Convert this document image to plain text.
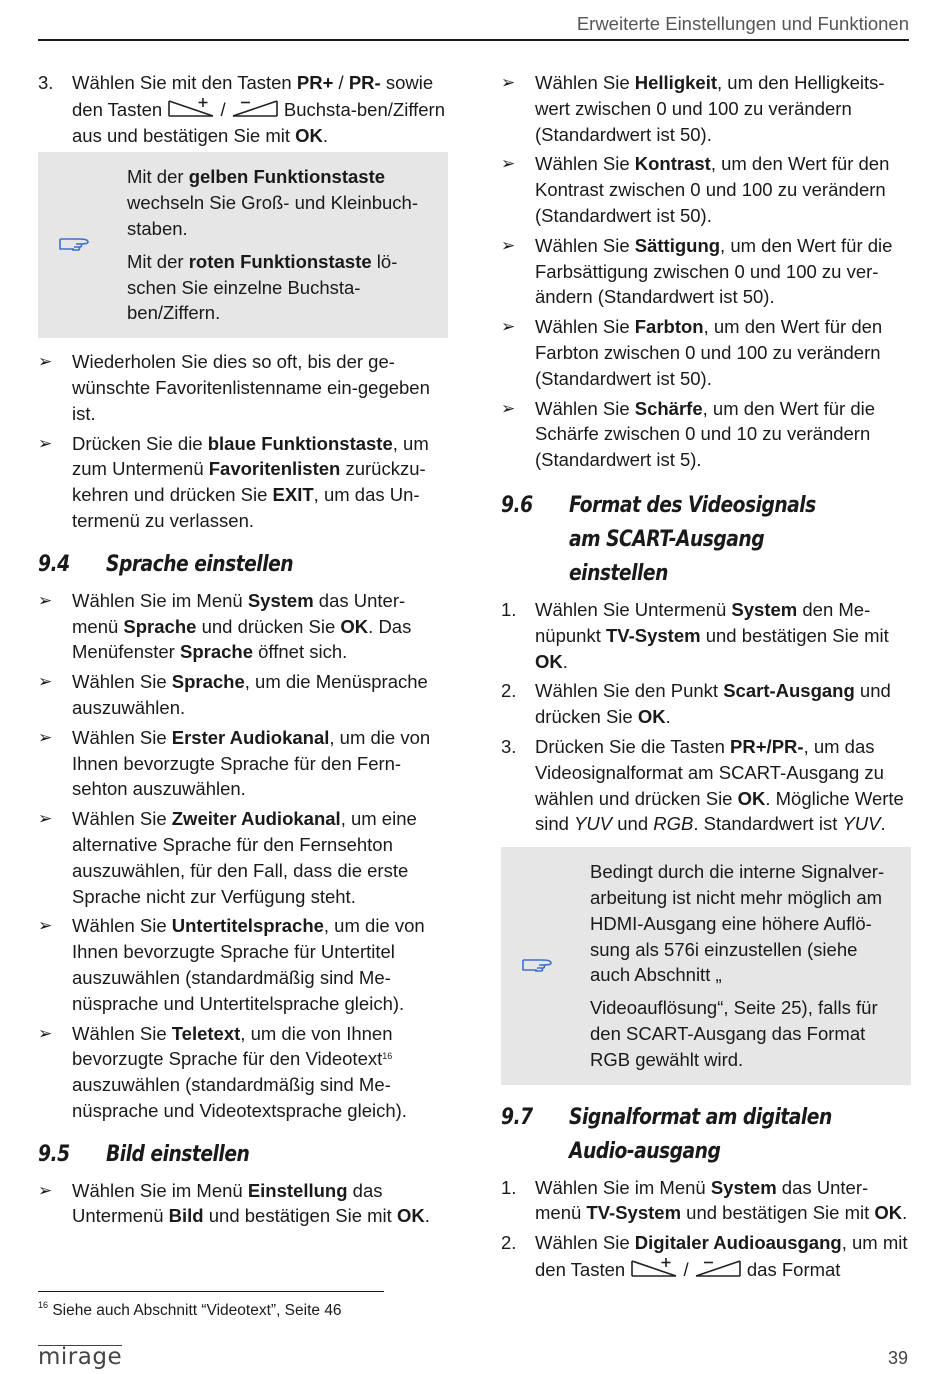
Erweiterte Einstellungen und Funktionen
3.	Wählen Sie mit den Tasten PR+ / PR- sowie den Tasten	/	Buchsta-ben/Ziffern aus und bestätigen Sie mit OK.

Mit der gelben Funktionstaste wechseln Sie Groß- und Kleinbuch-staben.

Mit der roten Funktionstaste lö-schen Sie einzelne Buchsta-ben/Ziffern.

➢ Wiederholen Sie dies so oft, bis der ge-wünschte Favoritenlistenname ein-gegeben ist.

➢ Drücken Sie die blaue Funktionstaste, um zum Untermenü Favoritenlisten zurückzu-kehren und drücken Sie EXIT, um das Un-termenü zu verlassen.

9.4 Sprache einstellen
➢ Wählen Sie im Menü System das Unter-menü Sprache und drücken Sie OK. Das Menüfenster Sprache öffnet sich.

➢ Wählen Sie Sprache, um die Menüsprache auszuwählen.

➢ Wählen Sie Erster Audiokanal, um die von Ihnen bevorzugte Sprache für den Fern-sehton auszuwählen.

➢ Wählen Sie Zweiter Audiokanal, um eine alternative Sprache für den Fernsehton auszuwählen, für den Fall, dass die erste Sprache nicht zur Verfügung steht.

➢ Wählen Sie Untertitelsprache, um die von Ihnen bevorzugte Sprache für Untertitel auszuwählen (standardmäßig sind Me-nüsprache und Untertitelsprache gleich).

➢ Wählen Sie Teletext, um die von Ihnen bevorzugte Sprache für den Videotext$^{16}$ auszuwählen (standardmäßig sind Me-nüsprache und Videotextsprache gleich).

9.5 Bild einstellen
➢ Wählen Sie im Menü Einstellung das Untermenü Bild und bestätigen Sie mit OK.

➢ Wählen Sie Helligkeit, um den Helligkeits-wert zwischen 0 und 100 zu verändern (Standardwert ist 50).

➢ Wählen Sie Kontrast, um den Wert für den Kontrast zwischen 0 und 100 zu verändern (Standardwert ist 50).

➢ Wählen Sie Sättigung, um den Wert für die Farbsättigung zwischen 0 und 100 zu ver-ändern (Standardwert ist 50).

➢ Wählen Sie Farbton, um den Wert für den Farbton zwischen 0 und 100 zu verändern (Standardwert ist 50).

➢ Wählen Sie Schärfe, um den Wert für die Schärfe zwischen 0 und 10 zu verändern (Standardwert ist 5).

9.6 Format des Videosignals am SCART-Ausgang einstellen
1.	Wählen Sie Untermenü System den Me-nüpunkt TV-System und bestätigen Sie mit OK.

2.	Wählen Sie den Punkt Scart-Ausgang und drücken Sie OK.

3.	Drücken Sie die Tasten PR+/PR-, um das Videosignalformat am SCART-Ausgang zu wählen und drücken Sie OK. Mögliche Werte sind YUV und RGB. Standardwert ist YUV.

Bedingt durch die interne Signalver-arbeitung ist nicht mehr möglich am HDMI-Ausgang eine höhere Auflö-sung als 576i einzustellen (siehe auch Abschnitt „

Videoauflösung“, Seite 25), falls für den SCART-Ausgang das Format RGB gewählt wird.

9.7 Signalformat am digitalen Audio-ausgang
1.	Wählen Sie im Menü System das Unter-menü TV-System und bestätigen Sie mit OK.

2.	Wählen Sie Digitaler Audioausgang, um mit den Tasten	/	das Format

$^{16}$ Siehe auch Abschnitt “Videotext”, Seite 46
mirage	39
